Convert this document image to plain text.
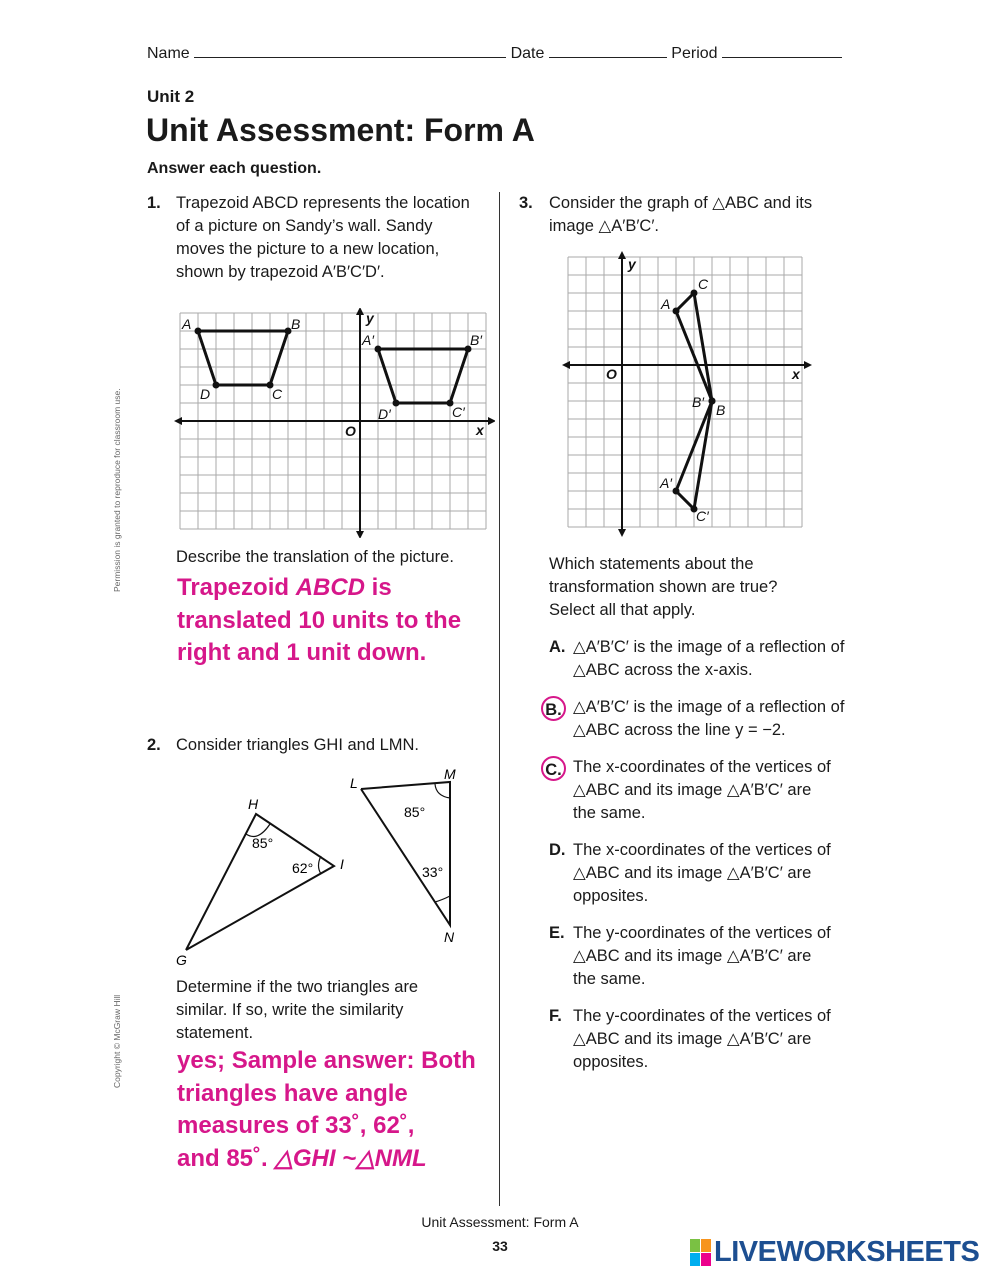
Name	Date	Period
Unit 2
Unit Assessment: Form A
Answer each question.
Permission is granted to reproduce for classroom use.
Copyright © McGraw Hill
1. Trapezoid ABCD represents the location of a picture on Sandy’s wall. Sandy moves the picture to a new location, shown by trapezoid A′B′C′D′.
A	B
C
D
A′	B′
C′
D′
y
x
O
Describe the translation of the picture.
Trapezoid ABCD is
translated 10 units to the
right and 1 unit down.
2. Consider triangles GHI and LMN.
H
G
I
L
M
N
85°
62°
85°
33°
Determine if the two triangles are similar. If so, write the similarity statement.
yes; Sample answer: Both
triangles have angle
measures of 33˚, 62˚,
and 85˚. △GHI ~△NML
3. Consider the graph of △ABC and its image △A′B′C′.
A
C
B
B′
A′
C′
y
x
O
Which statements about the transformation shown are true? Select all that apply.
A. △A′B′C′ is the image of a reflection of △ABC across the x-axis.
B. △A′B′C′ is the image of a reflection of △ABC across the line y = −2.
C. The x-coordinates of the vertices of △ABC and its image △A′B′C′ are the same.
D. The x-coordinates of the vertices of △ABC and its image △A′B′C′ are opposites.
E. The y-coordinates of the vertices of △ABC and its image △A′B′C′ are the same.
F. The y-coordinates of the vertices of △ABC and its image △A′B′C′ are opposites.
Unit Assessment: Form A
33	LIVEWORKSHEETS
